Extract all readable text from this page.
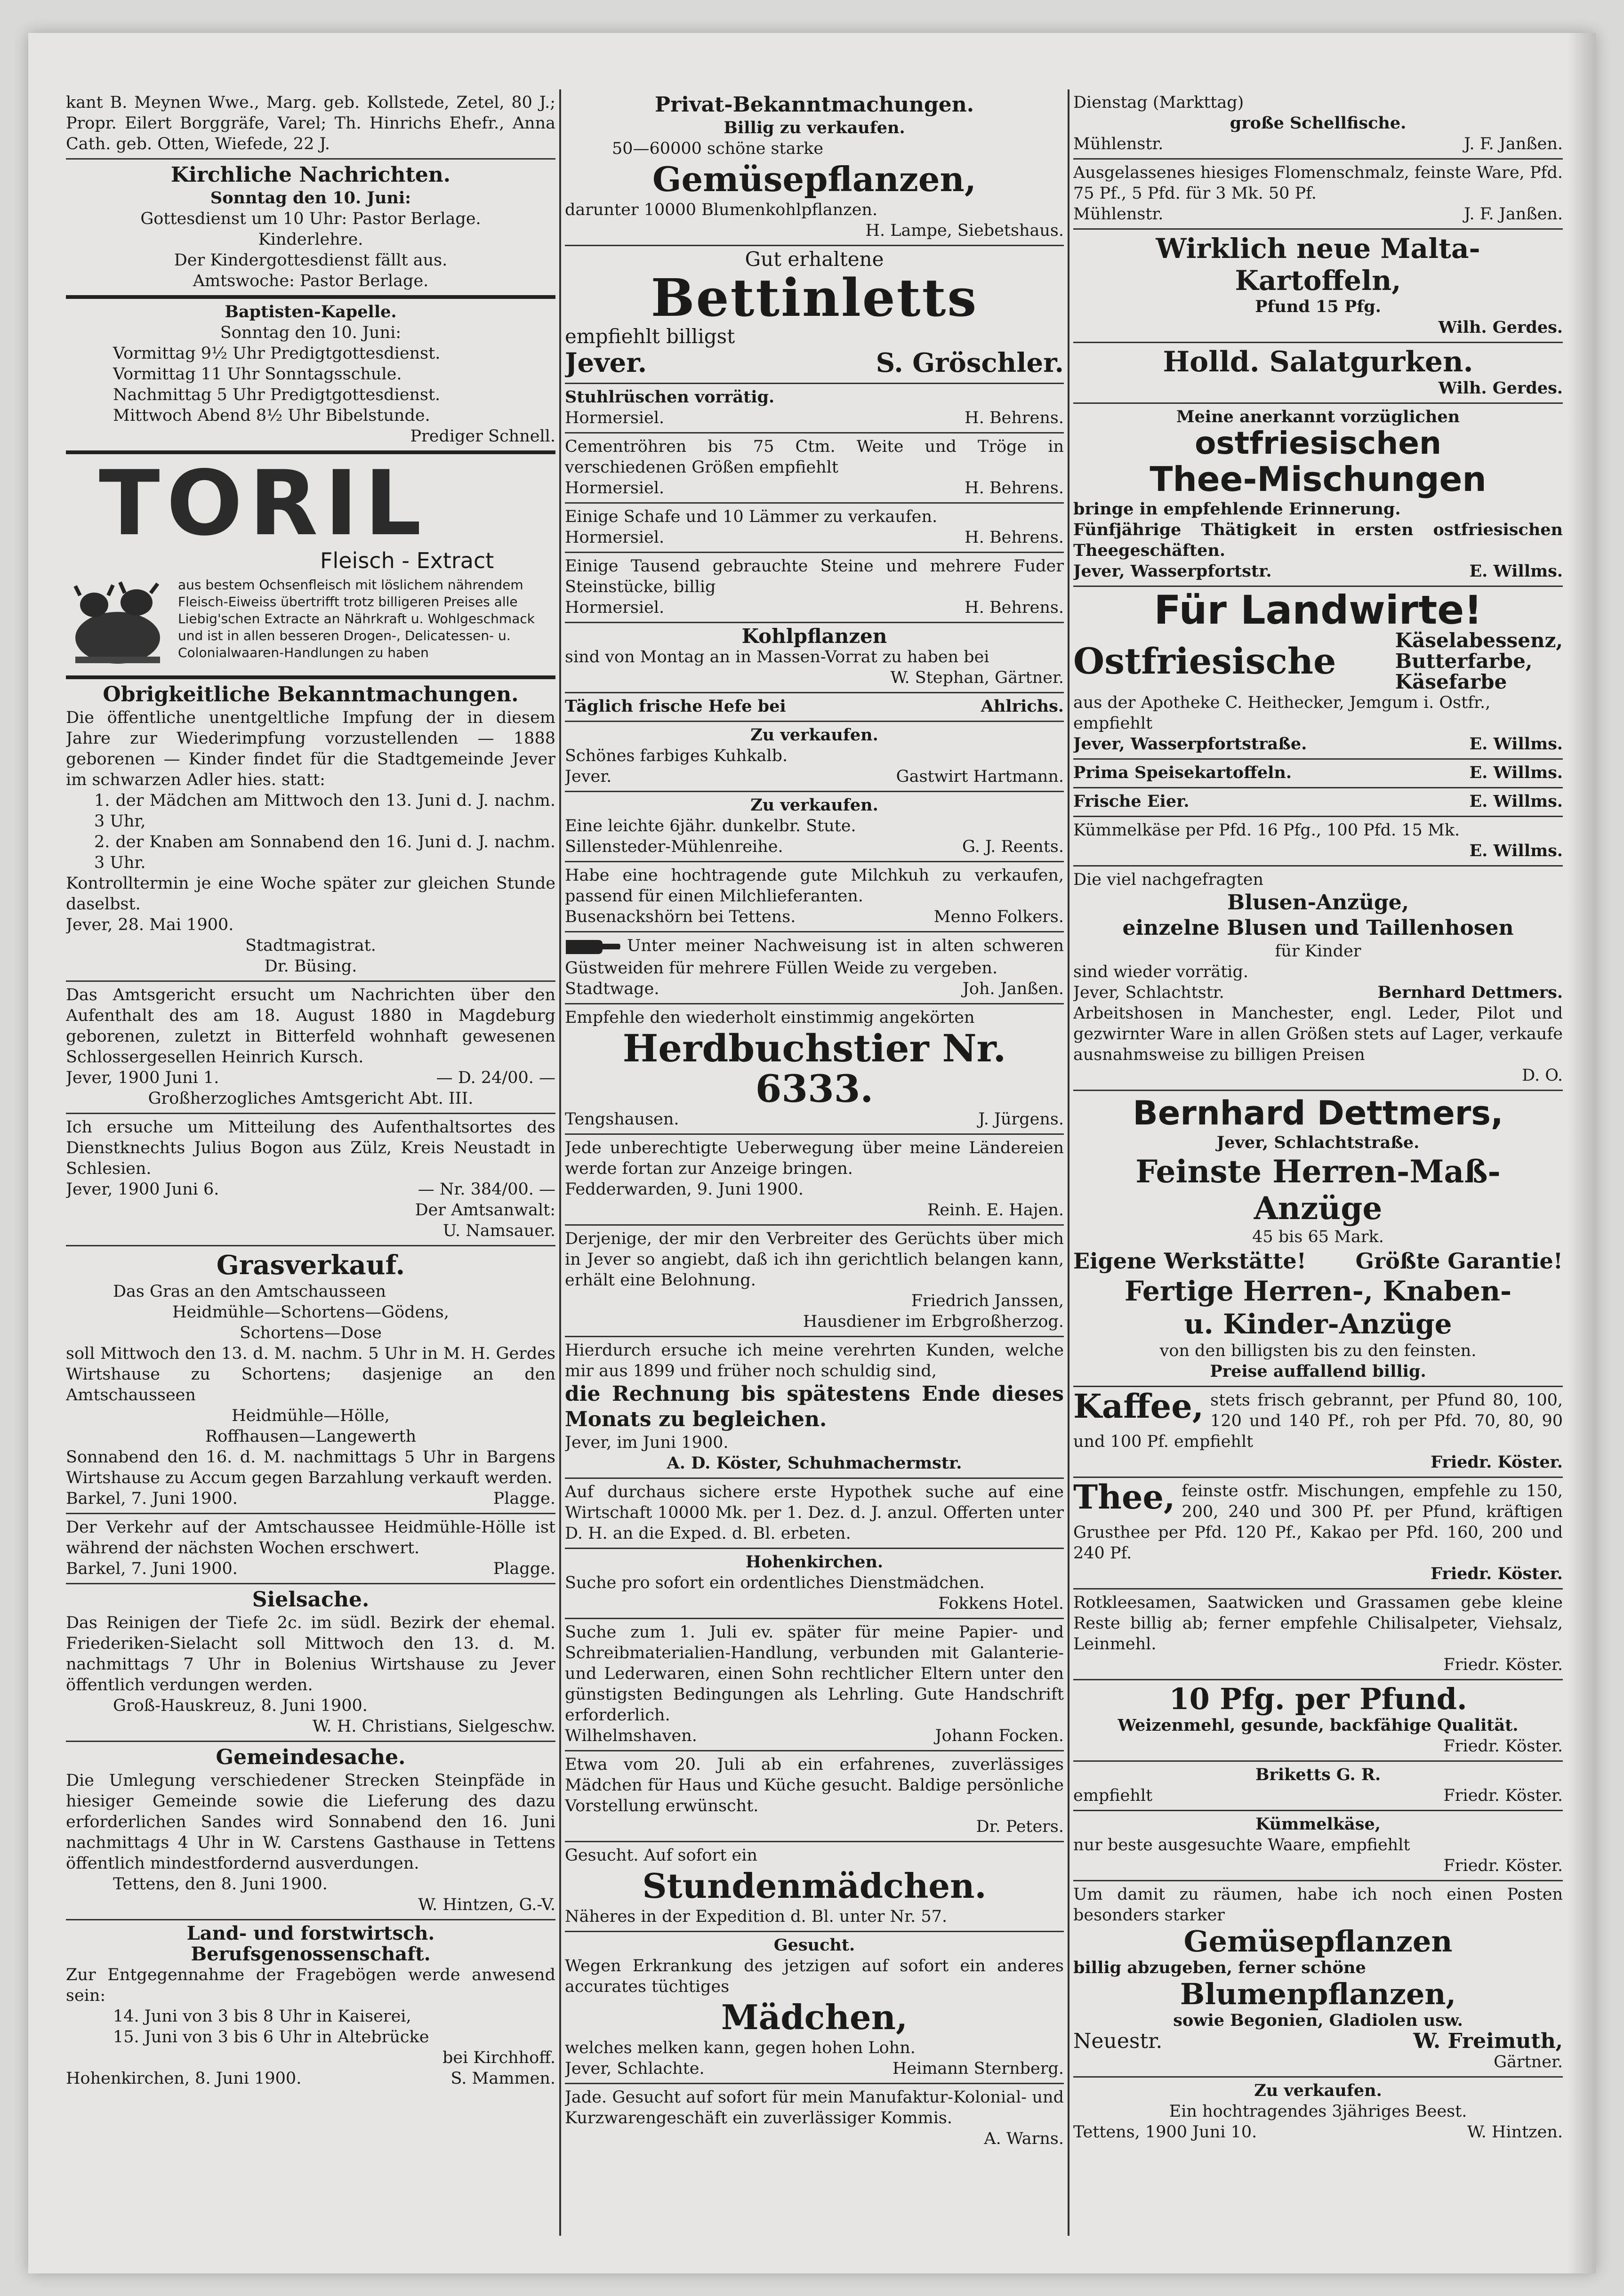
kant B. Meynen Wwe., Marg. geb. Kollstede, Zetel, 80 J.; Propr. Eilert Borggräfe, Varel; Th. Hinrichs Ehefr., Anna Cath. geb. Otten, Wiefede, 22 J.
Kirchliche Nachrichten.
Sonntag den 10. Juni:
Gottesdienst um 10 Uhr: Pastor Berlage.
Kinderlehre.
Der Kindergottesdienst fällt aus.
Amtswoche: Pastor Berlage.
Baptisten-Kapelle.
Sonntag den 10. Juni:
Vormittag 9½ Uhr Predigtgottesdienst.
Vormittag 11 Uhr Sonntagsschule.
Nachmittag 5 Uhr Predigtgottesdienst.
Mittwoch Abend 8½ Uhr Bibelstunde.
Prediger Schnell.
TORIL
Fleisch - Extract
aus bestem Ochsenfleisch mit löslichem nährendem Fleisch-Eiweiss übertrifft trotz billigeren Preises alle Liebig'schen Extracte an Nährkraft u. Wohlgeschmack und ist in allen besseren Drogen-, Delicatessen- u. Colonialwaaren-Handlungen zu haben
Obrigkeitliche Bekanntmachungen.
Die öffentliche unentgeltliche Impfung der in diesem Jahre zur Wiederimpfung vorzustellenden — 1888 geborenen — Kinder findet für die Stadtgemeinde Jever im schwarzen Adler hies. statt:
1. der Mädchen am Mittwoch den 13. Juni d. J. nachm. 3 Uhr,
2. der Knaben am Sonnabend den 16. Juni d. J. nachm. 3 Uhr.
Kontrolltermin je eine Woche später zur gleichen Stunde daselbst.
Jever, 28. Mai 1900.
Stadtmagistrat.
Dr. Büsing.
Das Amtsgericht ersucht um Nachrichten über den Aufenthalt des am 18. August 1880 in Magdeburg geborenen, zuletzt in Bitterfeld wohnhaft gewesenen Schlossergesellen Heinrich Kursch.
Jever, 1900 Juni 1.	— D. 24/00. —
Großherzogliches Amtsgericht Abt. III.
Ich ersuche um Mitteilung des Aufenthaltsortes des Dienstknechts Julius Bogon aus Zülz, Kreis Neustadt in Schlesien.
Jever, 1900 Juni 6.	— Nr. 384/00. —
Der Amtsanwalt:
U. Namsauer.
Grasverkauf.
Das Gras an den Amtschausseen
Heidmühle—Schortens—Gödens,
Schortens—Dose
soll Mittwoch den 13. d. M. nachm. 5 Uhr in M. H. Gerdes Wirtshause zu Schortens; dasjenige an den Amtschausseen
Heidmühle—Hölle,
Roffhausen—Langewerth
Sonnabend den 16. d. M. nachmittags 5 Uhr in Bargens Wirtshause zu Accum gegen Barzahlung verkauft werden.
Barkel, 7. Juni 1900.	Plagge.
Der Verkehr auf der Amtschaussee Heidmühle-Hölle ist während der nächsten Wochen erschwert.
Barkel, 7. Juni 1900.	Plagge.
Sielsache.
Das Reinigen der Tiefe 2c. im südl. Bezirk der ehemal. Friederiken-Sielacht soll Mittwoch den 13. d. M. nachmittags 7 Uhr in Bolenius Wirtshause zu Jever öffentlich verdungen werden.
Groß-Hauskreuz, 8. Juni 1900.
W. H. Christians, Sielgeschw.
Gemeindesache.
Die Umlegung verschiedener Strecken Steinpfäde in hiesiger Gemeinde sowie die Lieferung des dazu erforderlichen Sandes wird Sonnabend den 16. Juni nachmittags 4 Uhr in W. Carstens Gasthause in Tettens öffentlich mindestfordernd ausverdungen.
Tettens, den 8. Juni 1900.
W. Hintzen, G.-V.
Land- und forstwirtsch. Berufsgenossenschaft.
Zur Entgegennahme der Fragebögen werde anwesend sein:
14. Juni von 3 bis 8 Uhr in Kaiserei,
15. Juni von 3 bis 6 Uhr in Altebrücke
bei Kirchhoff.
Hohenkirchen, 8. Juni 1900.	S. Mammen.
Privat-Bekanntmachungen.
Billig zu verkaufen.
50—60000 schöne starke
Gemüsepflanzen,
darunter 10000 Blumenkohlpflanzen.
H. Lampe, Siebetshaus.
Gut erhaltene
Bettinletts
empfiehlt billigst
Jever.	S. Gröschler.
Stuhlrüschen vorrätig.
Hormersiel.	H. Behrens.
Cementröhren bis 75 Ctm. Weite und Tröge in verschiedenen Größen empfiehlt
Hormersiel.	H. Behrens.
Einige Schafe und 10 Lämmer zu verkaufen.
Hormersiel.	H. Behrens.
Einige Tausend gebrauchte Steine und mehrere Fuder Steinstücke, billig
Hormersiel.	H. Behrens.
Kohlpflanzen
sind von Montag an in Massen-Vorrat zu haben bei
W. Stephan, Gärtner.
Täglich frische Hefe bei	Ahlrichs.
Zu verkaufen.
Schönes farbiges Kuhkalb.
Jever.	Gastwirt Hartmann.
Zu verkaufen.
Eine leichte 6jähr. dunkelbr. Stute.
Sillensteder-Mühlenreihe.	G. J. Reents.
Habe eine hochtragende gute Milchkuh zu verkaufen, passend für einen Milchlieferanten.
Busenackshörn bei Tettens.	Menno Folkers.
Unter meiner Nachweisung ist in alten schweren Güstweiden für mehrere Füllen Weide zu vergeben.
Stadtwage.	Joh. Janßen.
Empfehle den wiederholt einstimmig angekörten
Herdbuchstier Nr. 6333.
Tengshausen.	J. Jürgens.
Jede unberechtigte Ueberwegung über meine Ländereien werde fortan zur Anzeige bringen.
Fedderwarden, 9. Juni 1900.
Reinh. E. Hajen.
Derjenige, der mir den Verbreiter des Gerüchts über mich in Jever so angiebt, daß ich ihn gerichtlich belangen kann, erhält eine Belohnung.
Friedrich Janssen,
Hausdiener im Erbgroßherzog.
Hierdurch ersuche ich meine verehrten Kunden, welche mir aus 1899 und früher noch schuldig sind,
die Rechnung bis spätestens Ende dieses Monats zu begleichen.
Jever, im Juni 1900.
A. D. Köster, Schuhmachermstr.
Auf durchaus sichere erste Hypothek suche auf eine Wirtschaft 10000 Mk. per 1. Dez. d. J. anzul. Offerten unter D. H. an die Exped. d. Bl. erbeten.
Hohenkirchen.
Suche pro sofort ein ordentliches Dienstmädchen.
Fokkens Hotel.
Suche zum 1. Juli ev. später für meine Papier- und Schreibmaterialien-Handlung, verbunden mit Galanterie- und Lederwaren, einen Sohn rechtlicher Eltern unter den günstigsten Bedingungen als Lehrling. Gute Handschrift erforderlich.
Wilhelmshaven.	Johann Focken.
Etwa vom 20. Juli ab ein erfahrenes, zuverlässiges Mädchen für Haus und Küche gesucht. Baldige persönliche Vorstellung erwünscht.
Dr. Peters.
Gesucht. Auf sofort ein
Stundenmädchen.
Näheres in der Expedition d. Bl. unter Nr. 57.
Gesucht.
Wegen Erkrankung des jetzigen auf sofort ein anderes accurates tüchtiges
Mädchen,
welches melken kann, gegen hohen Lohn.
Jever, Schlachte.	Heimann Sternberg.
Jade. Gesucht auf sofort für mein Manufaktur-Kolonial- und Kurzwarengeschäft ein zuverlässiger Kommis.
A. Warns.
Dienstag (Markttag)
große Schellfische.
Mühlenstr.	J. F. Janßen.
Ausgelassenes hiesiges Flomenschmalz, feinste Ware, Pfd. 75 Pf., 5 Pfd. für 3 Mk. 50 Pf.
Mühlenstr.	J. F. Janßen.
Wirklich neue Malta-Kartoffeln,
Pfund 15 Pfg.
Wilh. Gerdes.
Holld. Salatgurken.
Wilh. Gerdes.
Meine anerkannt vorzüglichen
ostfriesischen
Thee-Mischungen
bringe in empfehlende Erinnerung.
Fünfjährige Thätigkeit in ersten ostfriesischen Theegeschäften.
Jever, Wasserpfortstr.	E. Willms.
Für Landwirte!
Ostfriesische	Käselabessenz,
Butterfarbe,
Käsefarbe
aus der Apotheke C. Heithecker, Jemgum i. Ostfr.,
empfiehlt
Jever, Wasserpfortstraße.	E. Willms.
Prima Speisekartoffeln.	E. Willms.
Frische Eier.	E. Willms.
Kümmelkäse per Pfd. 16 Pfg., 100 Pfd. 15 Mk.
E. Willms.
Die viel nachgefragten
Blusen-Anzüge,
einzelne Blusen und Taillenhosen
für Kinder
sind wieder vorrätig.
Jever, Schlachtstr.	Bernhard Dettmers.
Arbeitshosen in Manchester, engl. Leder, Pilot und gezwirnter Ware in allen Größen stets auf Lager, verkaufe ausnahmsweise zu billigen Preisen
D. O.
Bernhard Dettmers,
Jever, Schlachtstraße.
Feinste Herren-Maß-Anzüge
45 bis 65 Mark.
Eigene Werkstätte! Größte Garantie!
Fertige Herren-, Knaben-
u. Kinder-Anzüge
von den billigsten bis zu den feinsten.
Preise auffallend billig.
Kaffee, stets frisch gebrannt, per Pfund 80, 100, 120 und 140 Pf., roh per Pfd. 70, 80, 90 und 100 Pf. empfiehlt
Friedr. Köster.
Thee, feinste ostfr. Mischungen, empfehle zu 150, 200, 240 und 300 Pf. per Pfund, kräftigen Grusthee per Pfd. 120 Pf., Kakao per Pfd. 160, 200 und 240 Pf.
Friedr. Köster.
Rotkleesamen, Saatwicken und Grassamen gebe kleine Reste billig ab; ferner empfehle Chilisalpeter, Viehsalz, Leinmehl.
Friedr. Köster.
10 Pfg. per Pfund.
Weizenmehl, gesunde, backfähige Qualität.
Friedr. Köster.
Briketts G. R.
empfiehlt	Friedr. Köster.
Kümmelkäse,
nur beste ausgesuchte Waare, empfiehlt
Friedr. Köster.
Um damit zu räumen, habe ich noch einen Posten besonders starker
Gemüsepflanzen
billig abzugeben, ferner schöne
Blumenpflanzen,
sowie Begonien, Gladiolen usw.
Neuestr.	W. Freimuth,
Gärtner.
Zu verkaufen.
Ein hochtragendes 3jähriges Beest.
Tettens, 1900 Juni 10.	W. Hintzen.
